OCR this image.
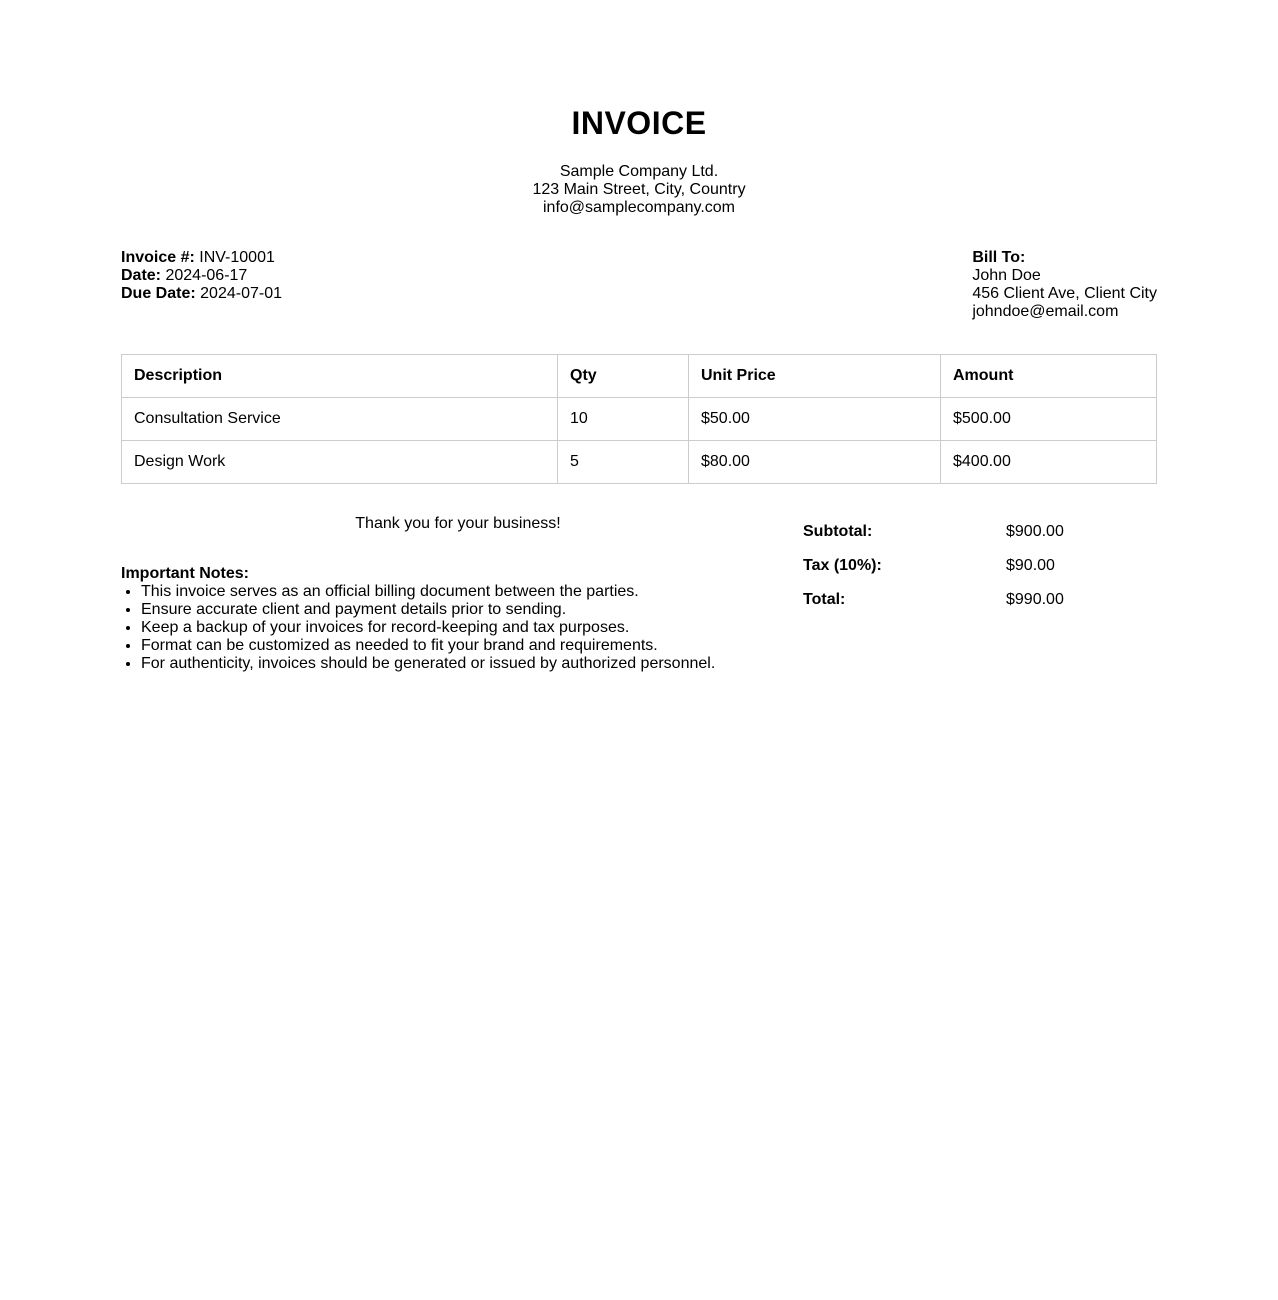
INVOICE
Sample Company Ltd.
123 Main Street, City, Country
info@samplecompany.com
Invoice #: INV-10001
Date: 2024-06-17
Due Date: 2024-07-01
Bill To:
John Doe
456 Client Ave, Client City
johndoe@email.com
Description	Qty	Unit Price	Amount
Consultation Service	10	$50.00	$500.00
Design Work	5	$80.00	$400.00
Thank you for your business!
Important Notes:
• This invoice serves as an official billing document between the parties.
• Ensure accurate client and payment details prior to sending.
• Keep a backup of your invoices for record-keeping and tax purposes.
• Format can be customized as needed to fit your brand and requirements.
• For authenticity, invoices should be generated or issued by authorized personnel.
Subtotal:	$900.00
Tax (10%):	$90.00
Total:	$990.00
